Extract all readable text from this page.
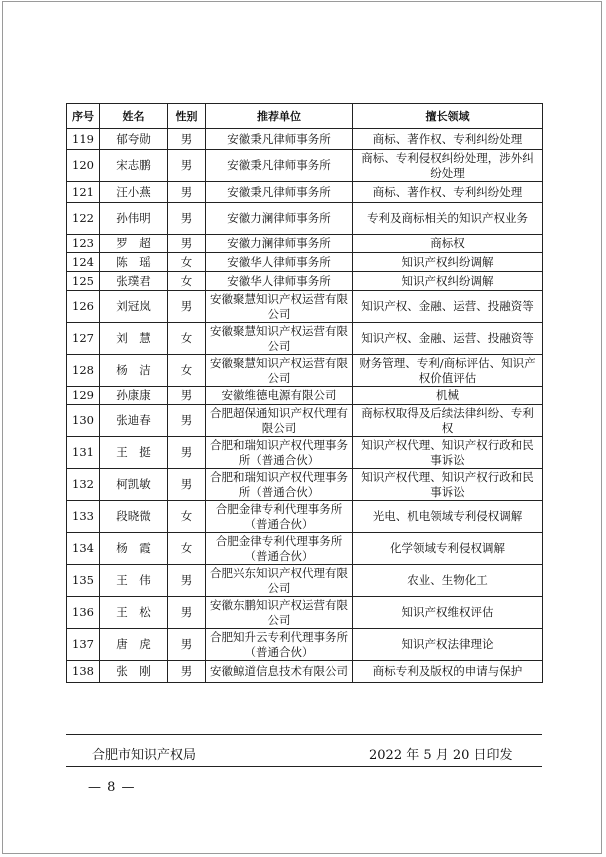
序号	姓名	性别	推荐单位	擅长领域
119	郁夸勋	男	安徽秉凡律师事务所	商标、著作权、专利纠纷处理
120	宋志鹏	男	安徽秉凡律师事务所	商标、专利侵权纠纷处理，涉外纠纷处理
121	汪小燕	男	安徽秉凡律师事务所	商标、著作权、专利纠纷处理
122	孙伟明	男	安徽力澜律师事务所	专利及商标相关的知识产权业务
123	罗　超	男	安徽力澜律师事务所	商标权
124	陈　瑶	女	安徽华人律师事务所	知识产权纠纷调解
125	张璞君	女	安徽华人律师事务所	知识产权纠纷调解
126	刘冠岚	男	安徽聚慧知识产权运营有限公司	知识产权、金融、运营、投融资等
127	刘　慧	女	安徽聚慧知识产权运营有限公司	知识产权、金融、运营、投融资等
128	杨　洁	女	安徽聚慧知识产权运营有限公司	财务管理、专利/商标评估、知识产权价值评估
129	孙康康	男	安徽维德电源有限公司	机械
130	张迪春	男	合肥超保通知识产权代理有限公司	商标权取得及后续法律纠纷、专利权
131	王　挺	男	合肥和瑞知识产权代理事务所（普通合伙）	知识产权代理、知识产权行政和民事诉讼
132	柯凯敏	男	合肥和瑞知识产权代理事务所（普通合伙）	知识产权代理、知识产权行政和民事诉讼
133	段晓微	女	合肥金律专利代理事务所（普通合伙）	光电、机电领域专利侵权调解
134	杨　霞	女	合肥金律专利代理事务所（普通合伙）	化学领域专利侵权调解
135	王　伟	男	合肥兴东知识产权代理有限公司	农业、生物化工
136	王　松	男	安徽东鹏知识产权运营有限公司	知识产权维权评估
137	唐　虎	男	合肥知升云专利代理事务所（普通合伙）	知识产权法律理论
138	张　刚	男	安徽鲸道信息技术有限公司	商标专利及版权的申请与保护
合肥市知识产权局	2022 年 5 月 20 日印发
— 8 —
